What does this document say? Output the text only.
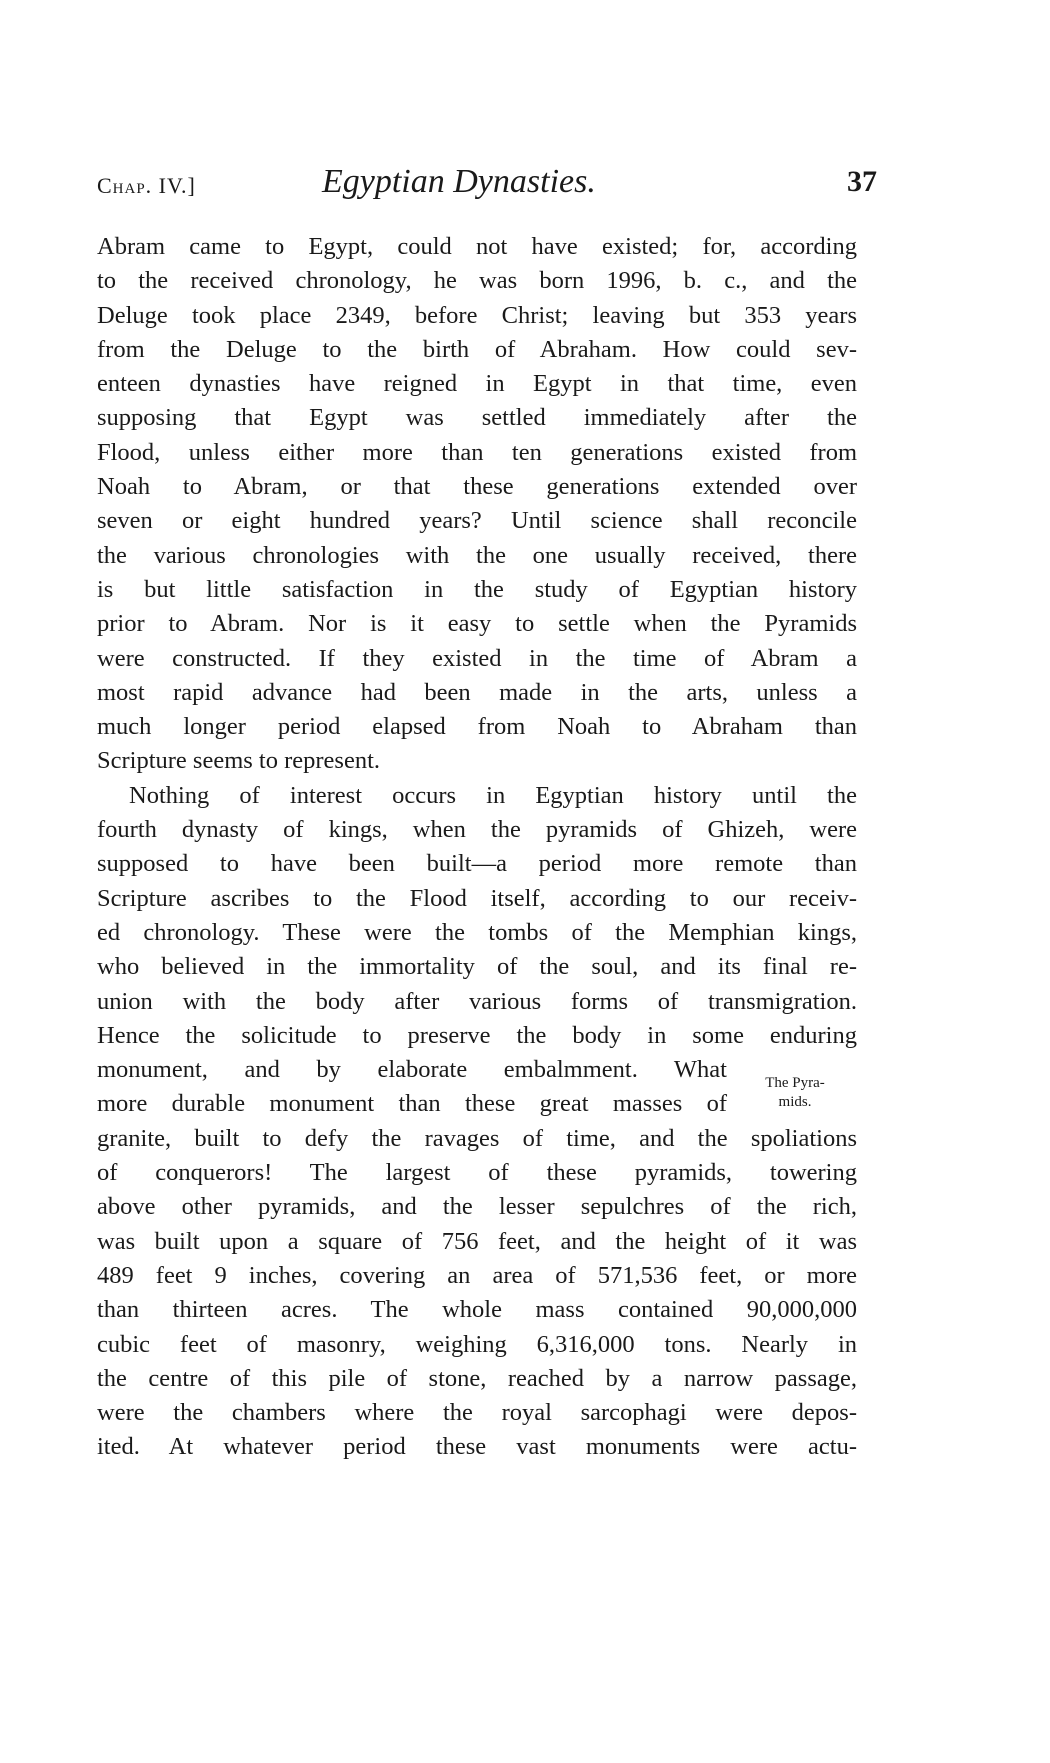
Chap. IV.]	Egyptian Dynasties.	37
Abram came to Egypt, could not have existed; for, according
to the received chronology, he was born 1996, b. c., and the
Deluge took place 2349, before Christ; leaving but 353 years
from the Deluge to the birth of Abraham. How could sev-
enteen dynasties have reigned in Egypt in that time, even
supposing that Egypt was settled immediately after the
Flood, unless either more than ten generations existed from
Noah to Abram, or that these generations extended over
seven or eight hundred years? Until science shall reconcile
the various chronologies with the one usually received, there
is but little satisfaction in the study of Egyptian history
prior to Abram. Nor is it easy to settle when the Pyramids
were constructed. If they existed in the time of Abram a
most rapid advance had been made in the arts, unless a
much longer period elapsed from Noah to Abraham than
Scripture seems to represent.
Nothing of interest occurs in Egyptian history until the
fourth dynasty of kings, when the pyramids of Ghizeh, were
supposed to have been built—a period more remote than
Scripture ascribes to the Flood itself, according to our receiv-
ed chronology. These were the tombs of the Memphian kings,
who believed in the immortality of the soul, and its final re-
union with the body after various forms of transmigration.
Hence the solicitude to preserve the body in some enduring
monument, and by elaborate embalmment. What
more durable monument than these great masses of
granite, built to defy the ravages of time, and the spoliations
of conquerors! The largest of these pyramids, towering
above other pyramids, and the lesser sepulchres of the rich,
was built upon a square of 756 feet, and the height of it was
489 feet 9 inches, covering an area of 571,536 feet, or more
than thirteen acres. The whole mass contained 90,000,000
cubic feet of masonry, weighing 6,316,000 tons. Nearly in
the centre of this pile of stone, reached by a narrow passage,
were the chambers where the royal sarcophagi were depos-
ited. At whatever period these vast monuments were actu-
The Pyra-
mids.
